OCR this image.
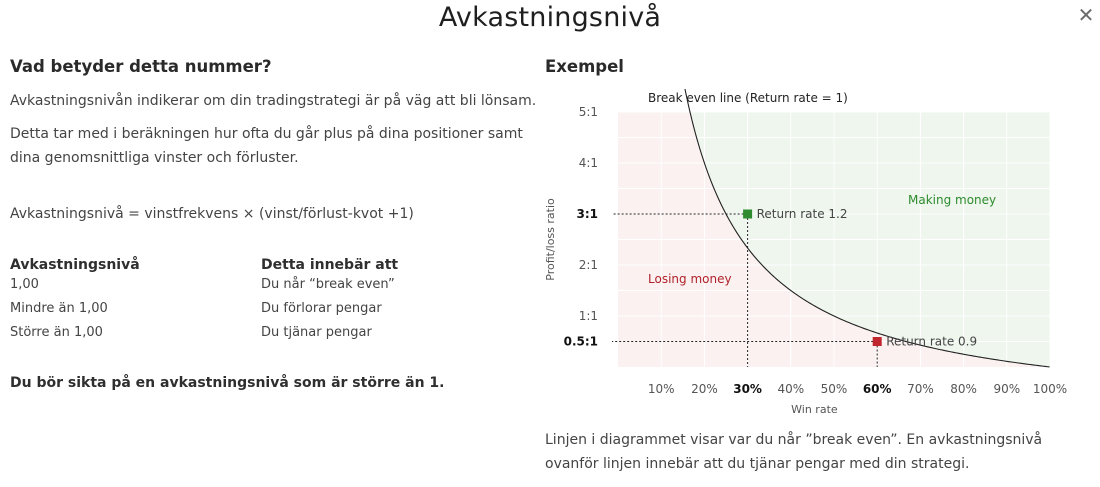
Avkastningsnivå	✕
Vad betyder detta nummer?
Avkastningsnivån indikerar om din tradingstrategi är på väg att bli lönsam.
Detta tar med i beräkningen hur ofta du går plus på dina positioner samt dina genomsnittliga vinster och förluster.
Avkastningsnivå = vinstfrekvens × (vinst/förlust-kvot +1)
Avkastningsnivå	Detta innebär att
1,00	Du når “break even”
Mindre än 1,00	Du förlorar pengar
Större än 1,00	Du tjänar pengar
Du bör sikta på en avkastningsnivå som är större än 1.
Exempel
Break even line (Return rate = 1)
0.5:1
1:1
2:1
3:1
4:1
5:1
10% 20% 30% 40% 50% 60% 70% 80% 90% 100%
Win rate
Profit/loss ratio	Making money
Losing money
Return rate 1.2
Return rate 0.9
Linjen i diagrammet visar var du når ”break even”. En avkastningsnivå ovanför linjen innebär att du tjänar pengar med din strategi.
